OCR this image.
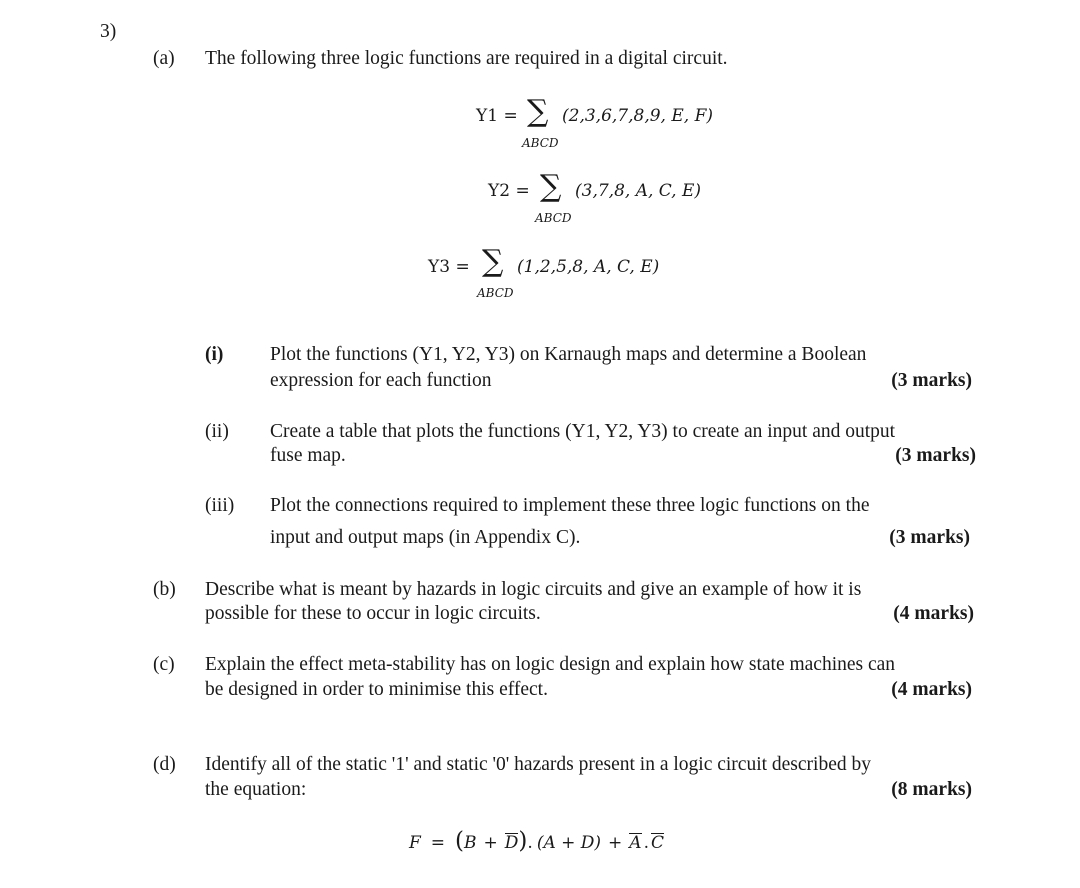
3)
(a) The following three logic functions are required in a digital circuit.
Y1 = ∑
ABCD
(2,3,6,7,8,9, E, F)
Y2 = ∑
ABCD
(3,7,8, A, C, E)
Y3 = ∑
ABCD
(1,2,5,8, A, C, E)
(i) Plot the functions (Y1, Y2, Y3) on Karnaugh maps and determine a Boolean
expression for each function	(3 marks)
(ii) Create a table that plots the functions (Y1, Y2, Y3) to create an input and output
fuse map.	(3 marks)
(iii) Plot the connections required to implement these three logic functions on the
input and output maps (in Appendix C).	(3 marks)
(b) Describe what is meant by hazards in logic circuits and give an example of how it is
possible for these to occur in logic circuits.	(4 marks)
(c) Explain the effect meta-stability has on logic design and explain how state machines can
be designed in order to minimise this effect.	(4 marks)
(d) Identify all of the static '1' and static '0' hazards present in a logic circuit described by
the equation:	(8 marks)
F = (B + D). (A + D) + A . C
